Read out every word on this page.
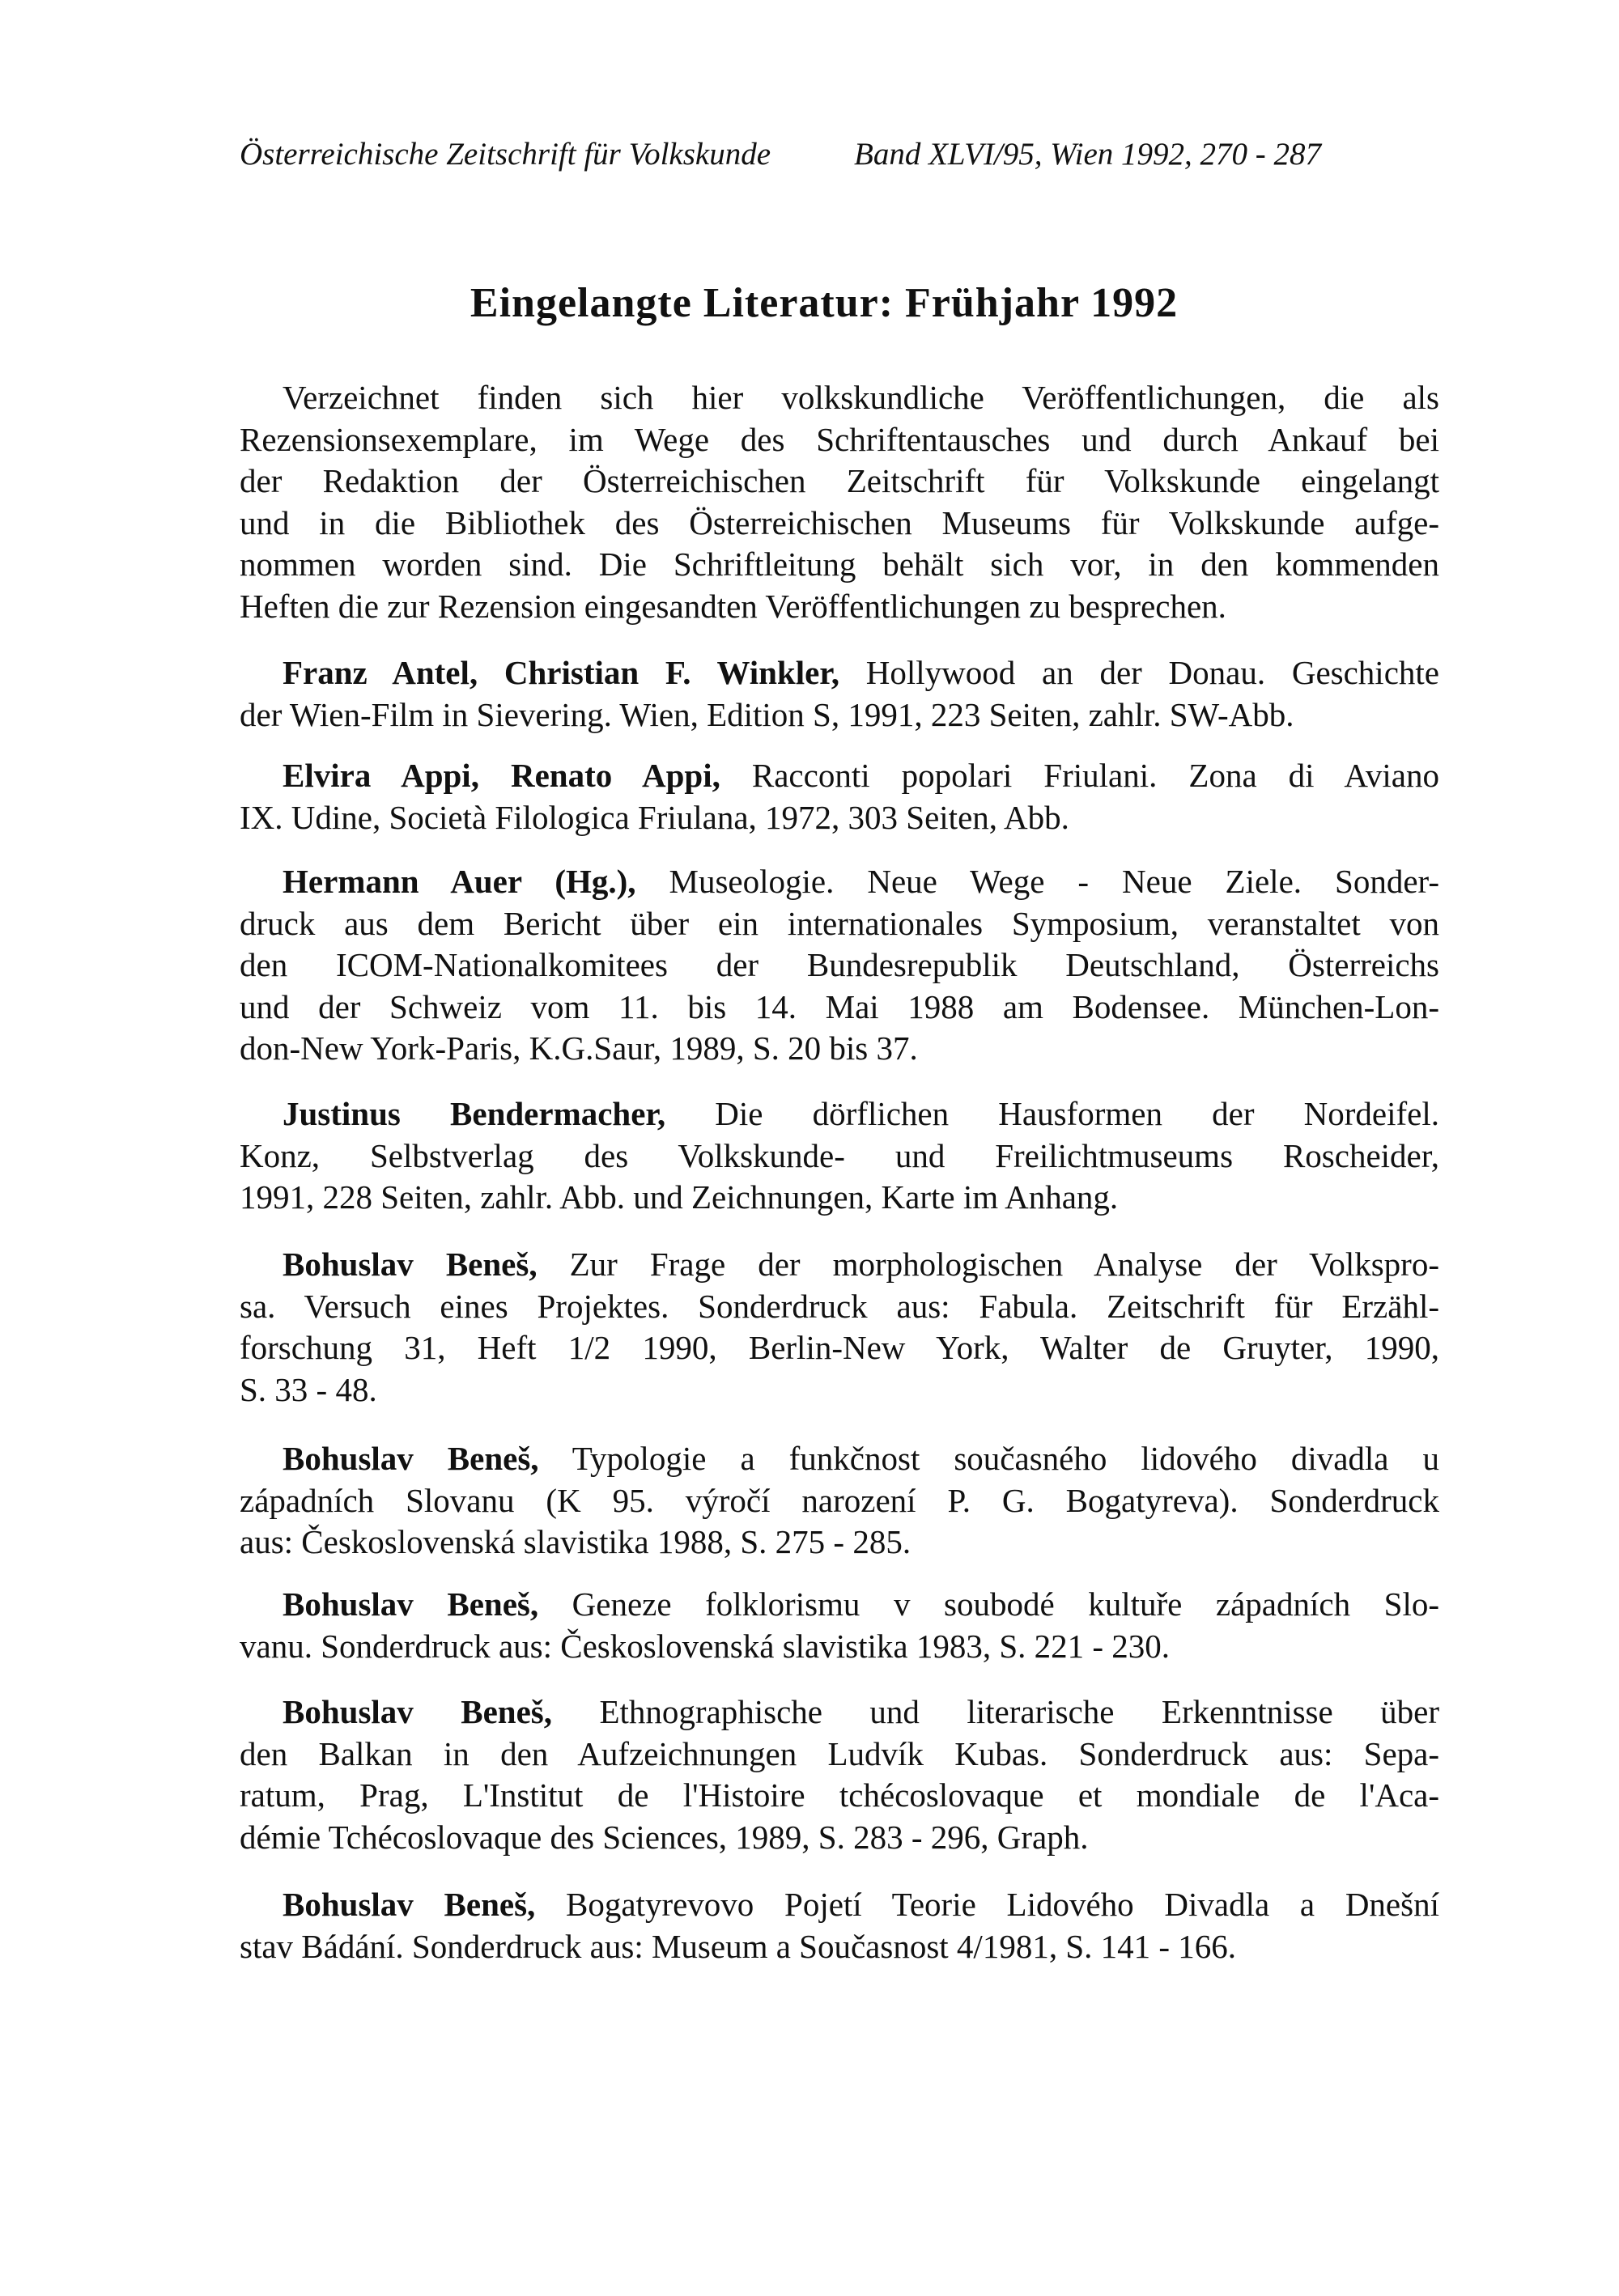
Österreichische Zeitschrift für Volkskunde	Band XLVI/95, Wien 1992, 270 - 287
Eingelangte Literatur: Frühjahr 1992
Verzeichnet finden sich hier volkskundliche Veröffentlichungen, die als
Rezensionsexemplare, im Wege des Schriftentausches und durch Ankauf bei
der Redaktion der Österreichischen Zeitschrift für Volkskunde eingelangt
und in die Bibliothek des Österreichischen Museums für Volkskunde aufge-
nommen worden sind. Die Schriftleitung behält sich vor, in den kommenden
Heften die zur Rezension eingesandten Veröffentlichungen zu besprechen.
Franz Antel, Christian F. Winkler, Hollywood an der Donau. Geschichte
der Wien-Film in Sievering. Wien, Edition S, 1991, 223 Seiten, zahlr. SW-Abb.
Elvira Appi, Renato Appi, Racconti popolari Friulani. Zona di Aviano
IX. Udine, Società Filologica Friulana, 1972, 303 Seiten, Abb.
Hermann Auer (Hg.), Museologie. Neue Wege - Neue Ziele. Sonder-
druck aus dem Bericht über ein internationales Symposium, veranstaltet von
den ICOM-Nationalkomitees der Bundesrepublik Deutschland, Österreichs
und der Schweiz vom 11. bis 14. Mai 1988 am Bodensee. München-Lon-
don-New York-Paris, K.G.Saur, 1989, S. 20 bis 37.
Justinus Bendermacher, Die dörflichen Hausformen der Nordeifel.
Konz, Selbstverlag des Volkskunde- und Freilichtmuseums Roscheider,
1991, 228 Seiten, zahlr. Abb. und Zeichnungen, Karte im Anhang.
Bohuslav Beneš, Zur Frage der morphologischen Analyse der Volkspro-
sa. Versuch eines Projektes. Sonderdruck aus: Fabula. Zeitschrift für Erzähl-
forschung 31, Heft 1/2 1990, Berlin-New York, Walter de Gruyter, 1990,
S. 33 - 48.
Bohuslav Beneš, Typologie a funkčnost současného lidového divadla u
západních Slovanu (K 95. výročí narození P. G. Bogatyreva). Sonderdruck
aus: Československá slavistika 1988, S. 275 - 285.
Bohuslav Beneš, Geneze folklorismu v soubodé kultuře západních Slo-
vanu. Sonderdruck aus: Československá slavistika 1983, S. 221 - 230.
Bohuslav Beneš, Ethnographische und literarische Erkenntnisse über
den Balkan in den Aufzeichnungen Ludvík Kubas. Sonderdruck aus: Sepa-
ratum, Prag, L'Institut de l'Histoire tchécoslovaque et mondiale de l'Aca-
démie Tchécoslovaque des Sciences, 1989, S. 283 - 296, Graph.
Bohuslav Beneš, Bogatyrevovo Pojetí Teorie Lidového Divadla a Dnešní
stav Bádání. Sonderdruck aus: Museum a Současnost 4/1981, S. 141 - 166.
